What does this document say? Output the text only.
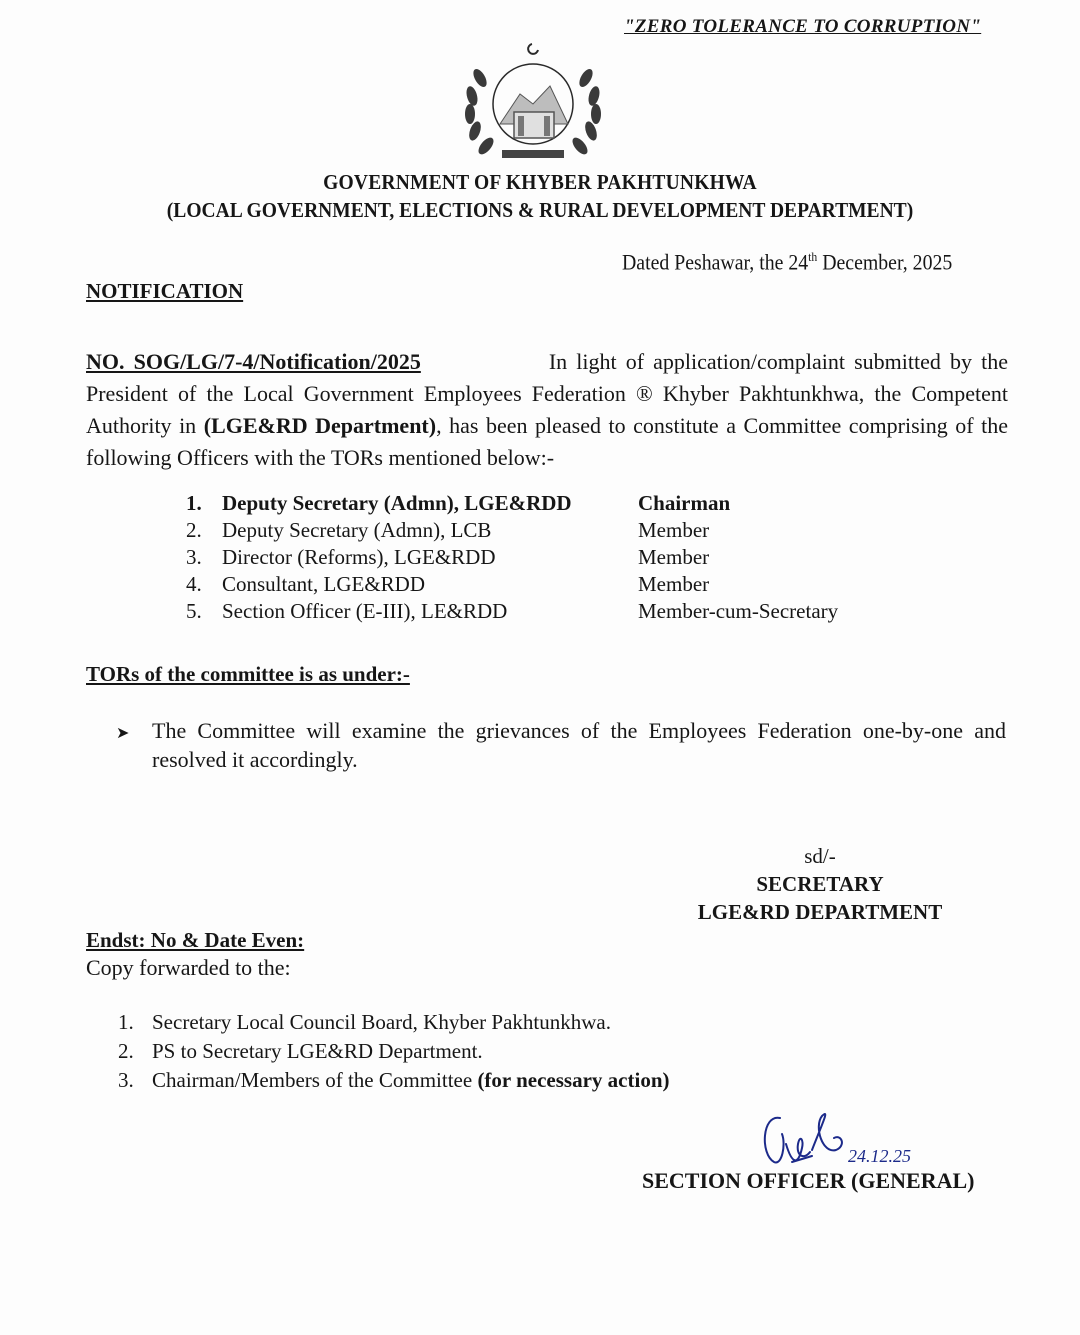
"ZERO TOLERANCE TO CORRUPTION"
GOVERNMENT OF KHYBER PAKHTUNKHWA
(LOCAL GOVERNMENT, ELECTIONS & RURAL DEVELOPMENT DEPARTMENT)
Dated Peshawar, the 24th December, 2025
NOTIFICATION
NO. SOG/LG/7-4/Notification/2025	In light of application/complaint submitted by the President of the Local Government Employees Federation ® Khyber Pakhtunkhwa, the Competent Authority in (LGE&RD Department), has been pleased to constitute a Committee comprising of the following Officers with the TORs mentioned below:-
1. Deputy Secretary (Admn), LGE&RDD	Chairman
2. Deputy Secretary (Admn), LCB	Member
3. Director (Reforms), LGE&RDD	Member
4. Consultant, LGE&RDD	Member
5. Section Officer (E-III), LE&RDD	Member-cum-Secretary
TORs of the committee is as under:-
➤	The Committee will examine the grievances of the Employees Federation one-by-one and resolved it accordingly.
sd/-
SECRETARY
LGE&RD DEPARTMENT
Endst: No & Date Even:
Copy forwarded to the:
1. Secretary Local Council Board, Khyber Pakhtunkhwa.
2. PS to Secretary LGE&RD Department.
3. Chairman/Members of the Committee
(for necessary action)
24.12.25
SECTION OFFICER (GENERAL)
